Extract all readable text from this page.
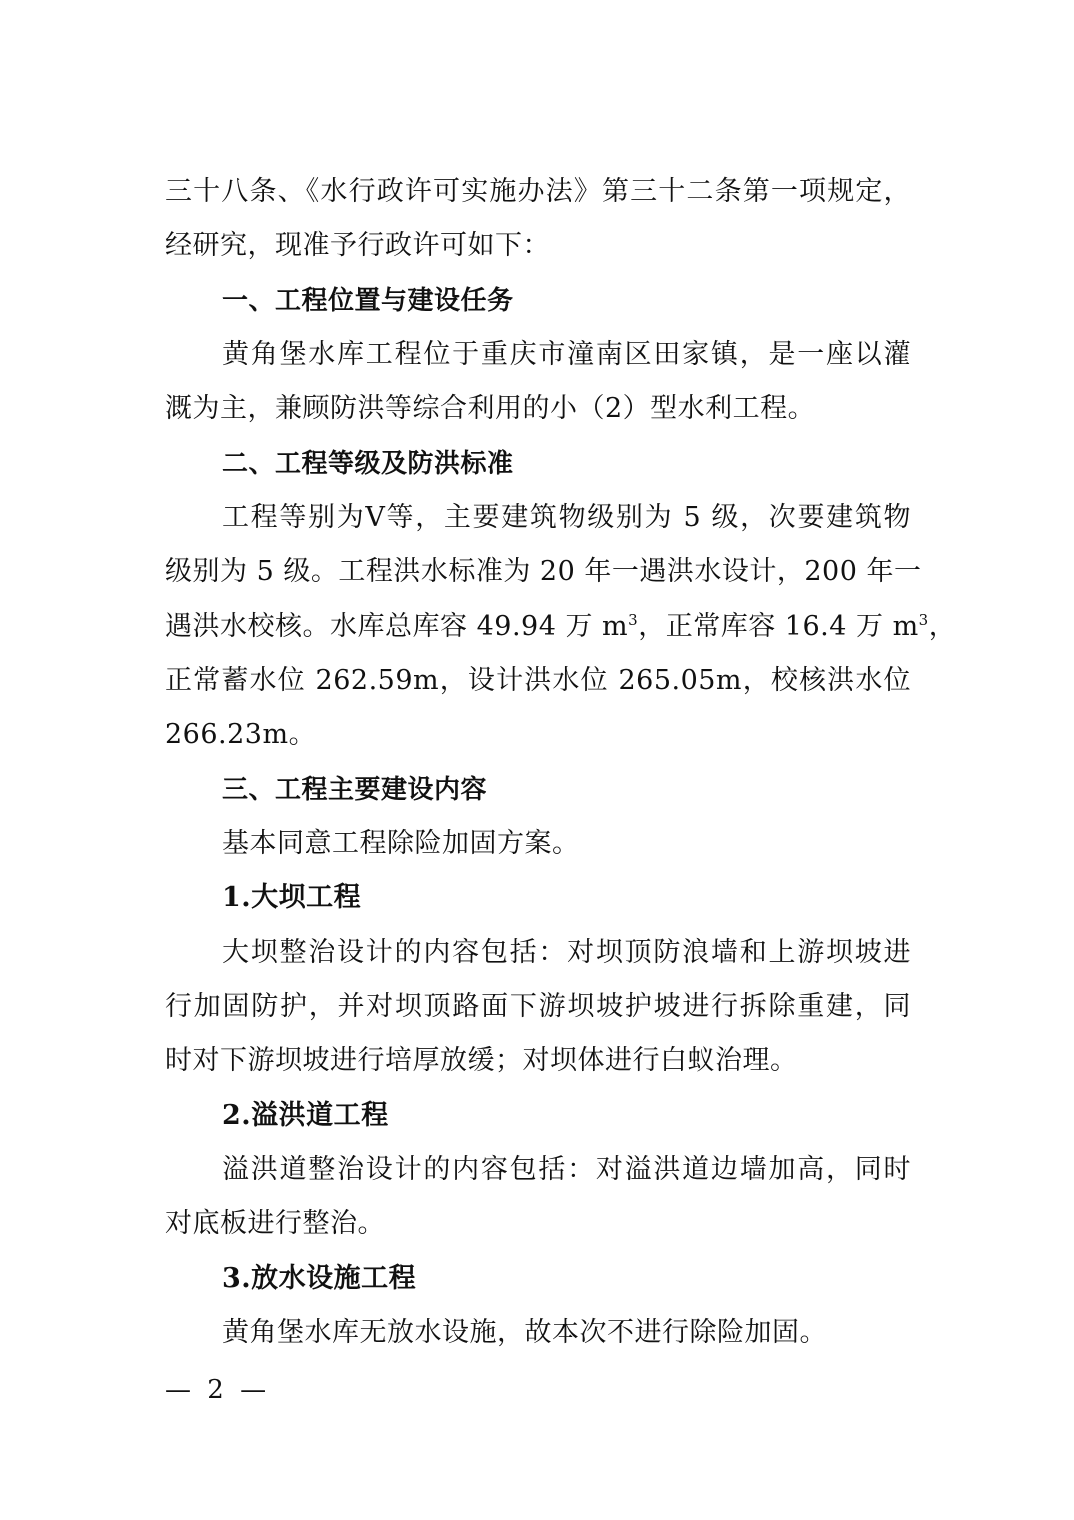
三十八条、《水行政许可实施办法》第三十二条第一项规定，
经研究，现准予行政许可如下：
一、工程位置与建设任务
黄角堡水库工程位于重庆市潼南区田家镇，是一座以灌
溉为主，兼顾防洪等综合利用的小（2）型水利工程。
二、工程等级及防洪标准
工程等别为Ⅴ等，主要建筑物级别为 5 级，次要建筑物
级别为 5 级。工程洪水标准为 20 年一遇洪水设计，200 年一
遇洪水校核。水库总库容 49.94 万 $m^3$，正常库容 16.4 万 $m^3$，
正常蓄水位 262.59m，设计洪水位 265.05m，校核洪水位
266.23m。
三、工程主要建设内容
基本同意工程除险加固方案。
1.大坝工程
大坝整治设计的内容包括：对坝顶防浪墙和上游坝坡进
行加固防护，并对坝顶路面下游坝坡护坡进行拆除重建，同
时对下游坝坡进行培厚放缓；对坝体进行白蚁治理。
2.溢洪道工程
溢洪道整治设计的内容包括：对溢洪道边墙加高，同时
对底板进行整治。
3.放水设施工程
黄角堡水库无放水设施，故本次不进行除险加固。
— 2 —
